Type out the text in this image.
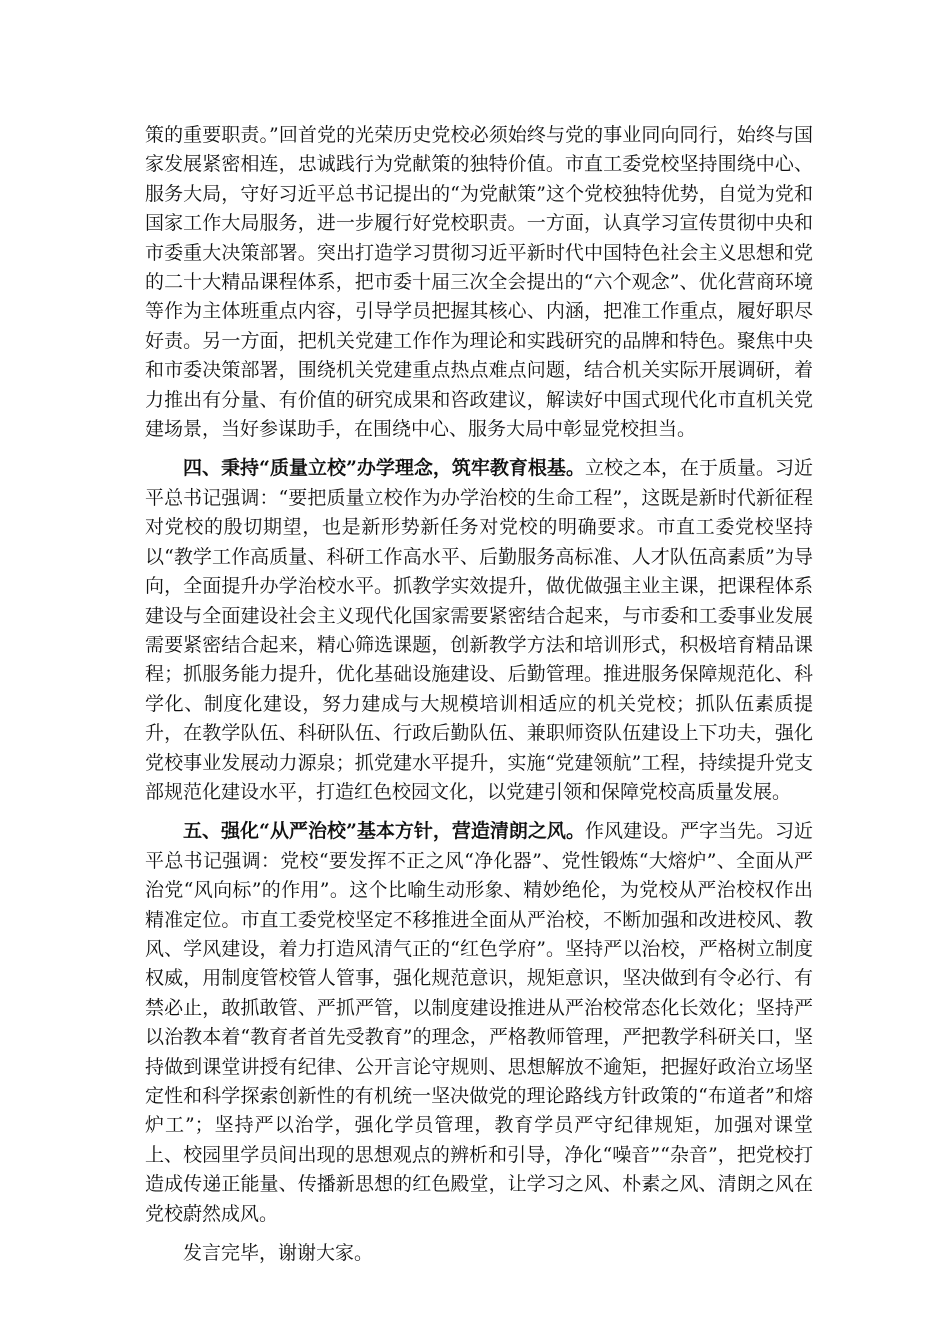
策的重要职责。”回首党的光荣历史党校必须始终与党的事业同向同行，始终与国家发展紧密相连，忠诚践行为党献策的独特价值。市直工委党校坚持围绕中心、服务大局，守好习近平总书记提出的“为党献策”这个党校独特优势，自觉为党和国家工作大局服务，进一步履行好党校职责。一方面，认真学习宣传贯彻中央和市委重大决策部署。突出打造学习贯彻习近平新时代中国特色社会主义思想和党的二十大精品课程体系，把市委十届三次全会提出的“六个观念”、优化营商环境等作为主体班重点内容，引导学员把握其核心、内涵，把准工作重点，履好职尽好责。另一方面，把机关党建工作作为理论和实践研究的品牌和特色。聚焦中央和市委决策部署，围绕机关党建重点热点难点问题，结合机关实际开展调研，着力推出有分量、有价值的研究成果和咨政建议，解读好中国式现代化市直机关党建场景，当好参谋助手，在围绕中心、服务大局中彰显党校担当。

四、秉持“质量立校”办学理念，筑牢教育根基。立校之本，在于质量。习近平总书记强调：“要把质量立校作为办学治校的生命工程”，这既是新时代新征程对党校的殷切期望，也是新形势新任务对党校的明确要求。市直工委党校坚持以“教学工作高质量、科研工作高水平、后勤服务高标准、人才队伍高素质”为导向，全面提升办学治校水平。抓教学实效提升，做优做强主业主课，把课程体系建设与全面建设社会主义现代化国家需要紧密结合起来，与市委和工委事业发展需要紧密结合起来，精心筛选课题，创新教学方法和培训形式，积极培育精品课程；抓服务能力提升，优化基础设施建设、后勤管理。推进服务保障规范化、科学化、制度化建设，努力建成与大规模培训相适应的机关党校；抓队伍素质提升，在教学队伍、科研队伍、行政后勤队伍、兼职师资队伍建设上下功夫，强化党校事业发展动力源泉；抓党建水平提升，实施“党建领航”工程，持续提升党支部规范化建设水平，打造红色校园文化，以党建引领和保障党校高质量发展。

五、强化“从严治校”基本方针，营造清朗之风。作风建设。严字当先。习近平总书记强调：党校“要发挥不正之风“净化器”、党性锻炼“大熔炉”、全面从严治党“风向标”的作用”。这个比喻生动形象、精妙绝伦，为党校从严治校权作出精准定位。市直工委党校坚定不移推进全面从严治校，不断加强和改进校风、教风、学风建设，着力打造风清气正的“红色学府”。坚持严以治校，严格树立制度权威，用制度管校管人管事，强化规范意识，规矩意识，坚决做到有令必行、有禁必止，敢抓敢管、严抓严管，以制度建设推进从严治校常态化长效化；坚持严以治教本着“教育者首先受教育”的理念，严格教师管理，严把教学科研关口，坚持做到课堂讲授有纪律、公开言论守规则、思想解放不逾矩，把握好政治立场坚定性和科学探索创新性的有机统一坚决做党的理论路线方针政策的“布道者”和熔炉工”；坚持严以治学，强化学员管理，教育学员严守纪律规矩，加强对课堂上、校园里学员间出现的思想观点的辨析和引导，净化“噪音”“杂音”，把党校打造成传递正能量、传播新思想的红色殿堂，让学习之风、朴素之风、清朗之风在党校蔚然成风。

发言完毕，谢谢大家。
